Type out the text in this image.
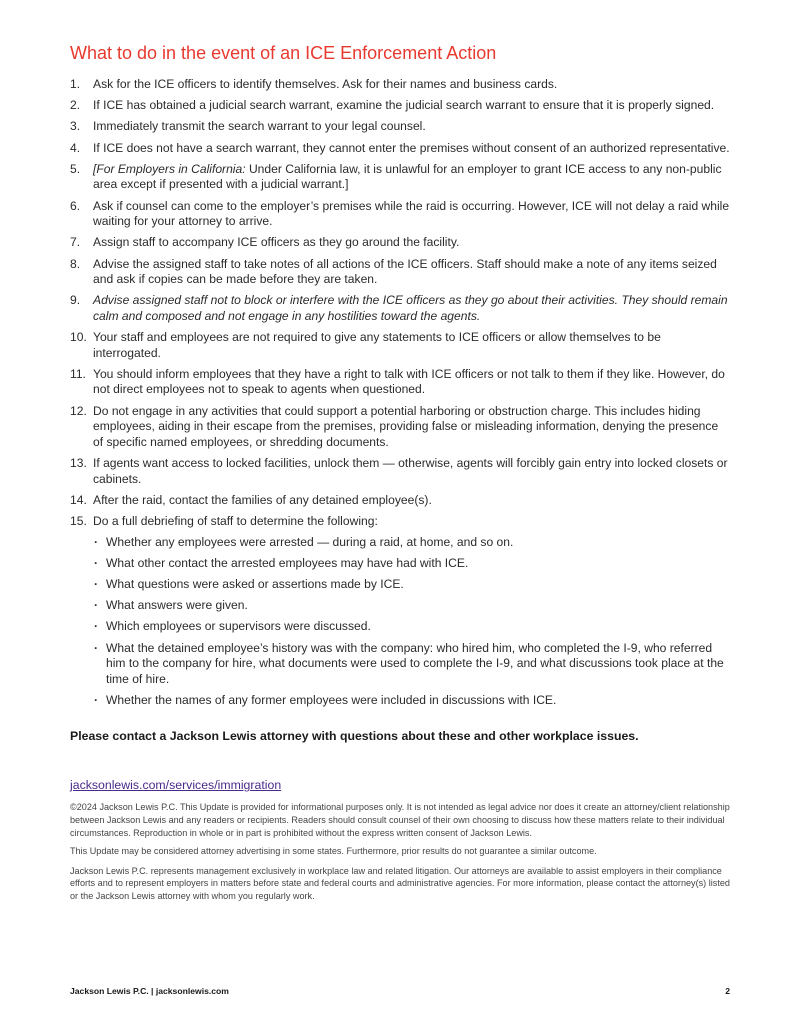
What to do in the event of an ICE Enforcement Action
1. Ask for the ICE officers to identify themselves. Ask for their names and business cards.
2. If ICE has obtained a judicial search warrant, examine the judicial search warrant to ensure that it is properly signed.
3. Immediately transmit the search warrant to your legal counsel.
4. If ICE does not have a search warrant, they cannot enter the premises without consent of an authorized representative.
5. [For Employers in California: Under California law, it is unlawful for an employer to grant ICE access to any non-public area except if presented with a judicial warrant.]
6. Ask if counsel can come to the employer’s premises while the raid is occurring. However, ICE will not delay a raid while waiting for your attorney to arrive.
7. Assign staff to accompany ICE officers as they go around the facility.
8. Advise the assigned staff to take notes of all actions of the ICE officers. Staff should make a note of any items seized and ask if copies can be made before they are taken.
9. Advise assigned staff not to block or interfere with the ICE officers as they go about their activities. They should remain calm and composed and not engage in any hostilities toward the agents.
10. Your staff and employees are not required to give any statements to ICE officers or allow themselves to be interrogated.
11. You should inform employees that they have a right to talk with ICE officers or not talk to them if they like. However, do not direct employees not to speak to agents when questioned.
12. Do not engage in any activities that could support a potential harboring or obstruction charge. This includes hiding employees, aiding in their escape from the premises, providing false or misleading information, denying the presence of specific named employees, or shredding documents.
13. If agents want access to locked facilities, unlock them — otherwise, agents will forcibly gain entry into locked closets or cabinets.
14. After the raid, contact the families of any detained employee(s).
15. Do a full debriefing of staff to determine the following:
· Whether any employees were arrested — during a raid, at home, and so on.
· What other contact the arrested employees may have had with ICE.
· What questions were asked or assertions made by ICE.
· What answers were given.
· Which employees or supervisors were discussed.
· What the detained employee’s history was with the company: who hired him, who completed the I-9, who referred him to the company for hire, what documents were used to complete the I-9, and what discussions took place at the time of hire.
· Whether the names of any former employees were included in discussions with ICE.

Please contact a Jackson Lewis attorney with questions about these and other workplace issues.

jacksonlewis.com/services/immigration

©2024 Jackson Lewis P.C. This Update is provided for informational purposes only. It is not intended as legal advice nor does it create an attorney/client relationship between Jackson Lewis and any readers or recipients. Readers should consult counsel of their own choosing to discuss how these matters relate to their individual circumstances. Reproduction in whole or in part is prohibited without the express written consent of Jackson Lewis.

This Update may be considered attorney advertising in some states. Furthermore, prior results do not guarantee a similar outcome.

Jackson Lewis P.C. represents management exclusively in workplace law and related litigation. Our attorneys are available to assist employers in their compliance efforts and to represent employers in matters before state and federal courts and administrative agencies. For more information, please contact the attorney(s) listed or the Jackson Lewis attorney with whom you regularly work.

Jackson Lewis P.C. | jacksonlewis.com	2
